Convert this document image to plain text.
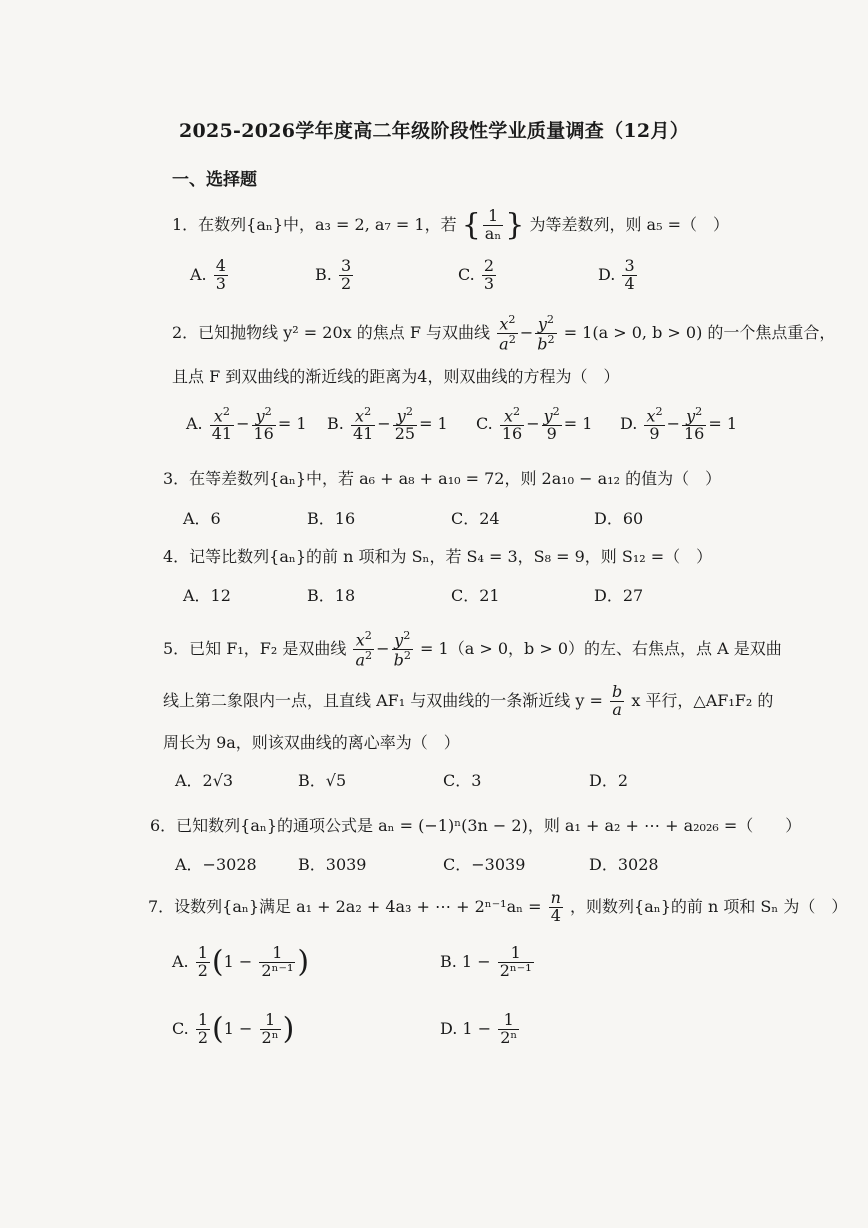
2025-2026学年度高二年级阶段性学业质量调查（12月）
一、选择题
1．在数列{aₙ}中，a₃ = 2, a₇ = 1，若 { $\frac{1}{\text{aₙ}}$ } 为等差数列，则 a₅ =（　）
A. $\frac{4}{3}$	B. $\frac{3}{2}$	C. $\frac{2}{3}$	D. $\frac{3}{4}$
2．已知抛物线 y² = 20x 的焦点 F 与双曲线 $\frac{x^2}{a^2} - \frac{y^2}{b^2} = 1(a > 0$, b > 0) 的一个焦点重合，
且点 F 到双曲线的渐近线的距离为4，则双曲线的方程为（　）
A. $\frac{x^2}{41} - \frac{y^2}{16} = 1$ B. $\frac{x^2}{41} - \frac{y^2}{25} = 1$ C. $\frac{x^2}{16} - \frac{y^2}{9} = 1$ D. $\frac{x^2}{9} - \frac{y^2}{16} = 1$
3．在等差数列{aₙ}中，若 a₆ + a₈ + a₁₀ = 72，则 2a₁₀ − a₁₂ 的值为（　）
A．6	B．16	C．24	D．60
4．记等比数列{aₙ}的前 n 项和为 Sₙ，若 S₄ = 3，S₈ = 9，则 S₁₂ =（　）
A．12	B．18	C．21	D．27
5．已知 F₁，F₂ 是双曲线 $\frac{x^2}{a^2} - \frac{y^2}{b^2} = 1(a > 0$，b > 0）的左、右焦点，点 A 是双曲
线上第二象限内一点，且直线 AF₁ 与双曲线的一条渐近线 $y = \frac{b}{a}$ x 平行，△AF₁F₂ 的
周长为 9a，则该双曲线的离心率为（　）
A．2√3	B．√5	C．3	D．2
6．已知数列{aₙ}的通项公式是 aₙ = (−1)ⁿ(3n − 2)，则 a₁ + a₂ + ⋯ + a₂₀₂₆ =（　　）
A．−3028	B．3039	C．−3039	D．3028
7．设数列{aₙ}满足 a₁ + 2a₂ + 4a₃ + ⋯ + $2^{n-1}a_n = \frac{n}{4}$ ，则数列{aₙ}的前 n 项和 Sₙ 为（　）
A. $\frac{1}{2} (1 - \frac{1}{\text{2ⁿ⁻¹}}$ )	B. $1 - \frac{1}{\text{2ⁿ⁻¹}}$
C. $\frac{1}{2} (1 - \frac{1}{\text{2ⁿ}}$ )	D. $1 - \frac{1}{\text{2ⁿ}}$
